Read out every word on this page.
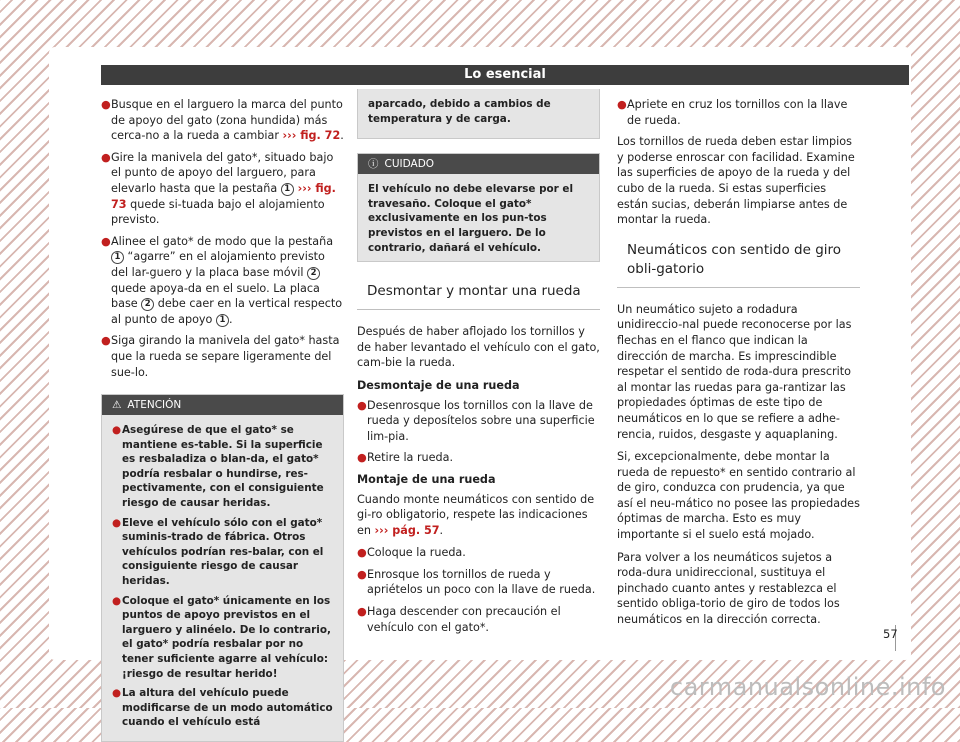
Lo esencial
● Busque en el larguero la marca del punto de apoyo del gato (zona hundida) más cerca-no a la rueda a cambiar ››› fig. 72.
● Gire la manivela del gato*, situado bajo el punto de apoyo del larguero, para elevarlo hasta que la pestaña 1 ››› fig. 73 quede si-tuada bajo el alojamiento previsto.
● Alinee el gato* de modo que la pestaña 1 “agarre” en el alojamiento previsto del lar-guero y la placa base móvil 2 quede apoya-da en el suelo. La placa base 2 debe caer en la vertical respecto al punto de apoyo 1 .
● Siga girando la manivela del gato* hasta que la rueda se separe ligeramente del sue-lo.
⚠ ATENCIÓN
● Asegúrese de que el gato* se mantiene es-table. Si la superficie es resbaladiza o blan-da, el gato* podría resbalar o hundirse, res-pectivamente, con el consiguiente riesgo de causar heridas.
● Eleve el vehículo sólo con el gato* suminis-trado de fábrica. Otros vehículos podrían res-balar, con el consiguiente riesgo de causar heridas.
● Coloque el gato* únicamente en los puntos de apoyo previstos en el larguero y alinéelo. De lo contrario, el gato* podría resbalar por no tener suficiente agarre al vehículo: ¡riesgo de resultar herido!
● La altura del vehículo puede modificarse de un modo automático cuando el vehículo está
aparcado, debido a cambios de temperatura y de carga.
ⓘ CUIDADO
El vehículo no debe elevarse por el travesaño. Coloque el gato* exclusivamente en los pun-tos previstos en el larguero. De lo contrario, dañará el vehículo.
Desmontar y montar una rueda

Después de haber aflojado los tornillos y de haber levantado el vehículo con el gato, cam-bie la rueda.

Desmontaje de una rueda
● Desenrosque los tornillos con la llave de rueda y deposítelos sobre una superficie lim-pia.
● Retire la rueda.
Montaje de una rueda

Cuando monte neumáticos con sentido de gi-ro obligatorio, respete las indicaciones en ››› pág. 57.

● Coloque la rueda.
● Enrosque los tornillos de rueda y apriételos un poco con la llave de rueda.
● Haga descender con precaución el vehículo con el gato*.
● Apriete en cruz los tornillos con la llave de rueda.

Los tornillos de rueda deben estar limpios y poderse enroscar con facilidad. Examine las superficies de apoyo de la rueda y del cubo de la rueda. Si estas superficies están sucias, deberán limpiarse antes de montar la rueda.

Neumáticos con sentido de giro obli-gatorio

Un neumático sujeto a rodadura unidireccio-nal puede reconocerse por las flechas en el flanco que indican la dirección de marcha. Es imprescindible respetar el sentido de roda-dura prescrito al montar las ruedas para ga-rantizar las propiedades óptimas de este tipo de neumáticos en lo que se refiere a adhe-rencia, ruidos, desgaste y aquaplaning.

Si, excepcionalmente, debe montar la rueda de repuesto* en sentido contrario al de giro, conduzca con prudencia, ya que así el neu-mático no posee las propiedades óptimas de marcha. Esto es muy importante si el suelo está mojado.

Para volver a los neumáticos sujetos a roda-dura unidireccional, sustituya el pinchado cuanto antes y restablezca el sentido obliga-torio de giro de todos los neumáticos en la dirección correcta.

57
carmanualsonline.info
